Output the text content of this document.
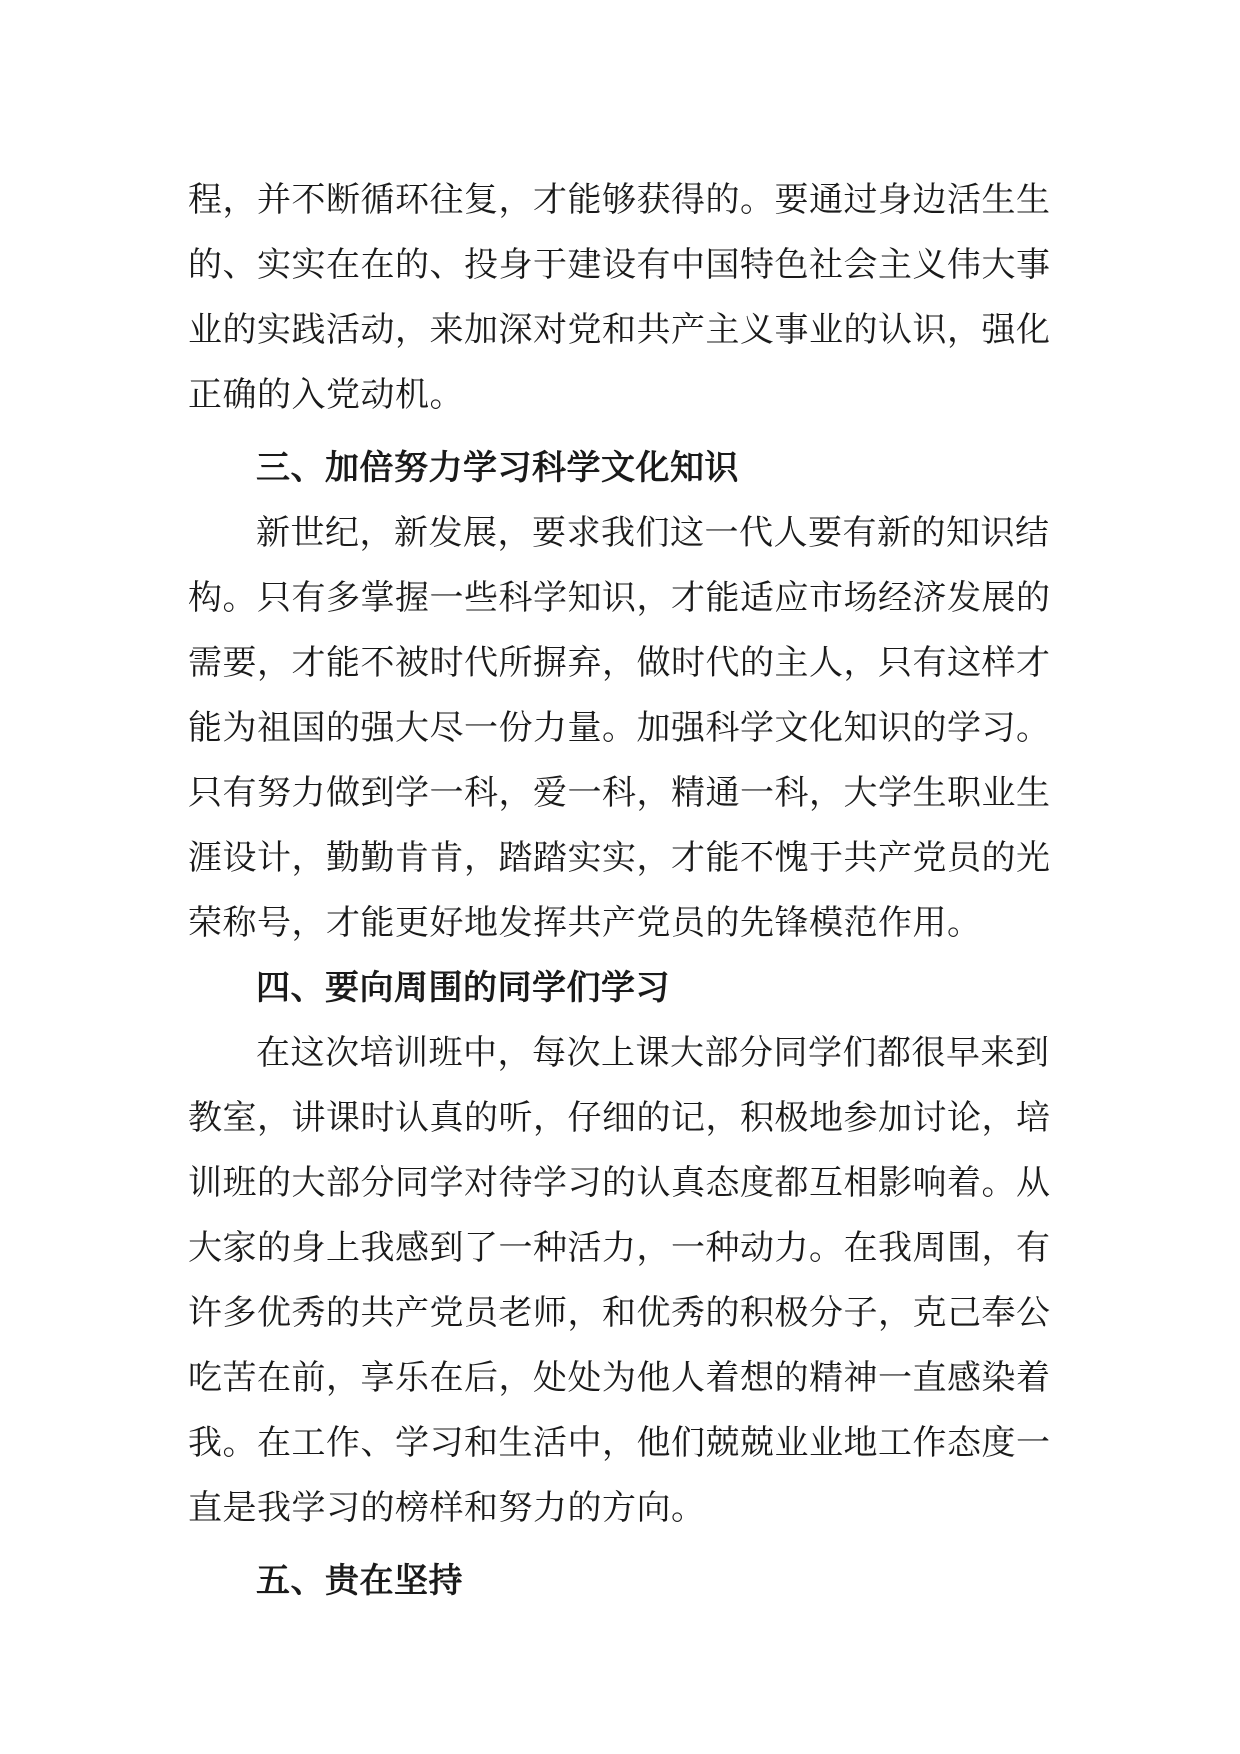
程，并不断循环往复，才能够获得的。要通过身边活生生
的、实实在在的、投身于建设有中国特色社会主义伟大事
业的实践活动，来加深对党和共产主义事业的认识，强化
正确的入党动机。
三、加倍努力学习科学文化知识
新世纪，新发展，要求我们这一代人要有新的知识结
构。只有多掌握一些科学知识，才能适应市场经济发展的
需要，才能不被时代所摒弃，做时代的主人，只有这样才
能为祖国的强大尽一份力量。加强科学文化知识的学习。
只有努力做到学一科，爱一科，精通一科，大学生职业生
涯设计，勤勤肯肯，踏踏实实，才能不愧于共产党员的光
荣称号，才能更好地发挥共产党员的先锋模范作用。
四、要向周围的同学们学习
在这次培训班中，每次上课大部分同学们都很早来到
教室，讲课时认真的听，仔细的记，积极地参加讨论，培
训班的大部分同学对待学习的认真态度都互相影响着。从
大家的身上我感到了一种活力，一种动力。在我周围，有
许多优秀的共产党员老师，和优秀的积极分子，克己奉公
吃苦在前，享乐在后，处处为他人着想的精神一直感染着
我。在工作、学习和生活中，他们兢兢业业地工作态度一
直是我学习的榜样和努力的方向。
五、贵在坚持
